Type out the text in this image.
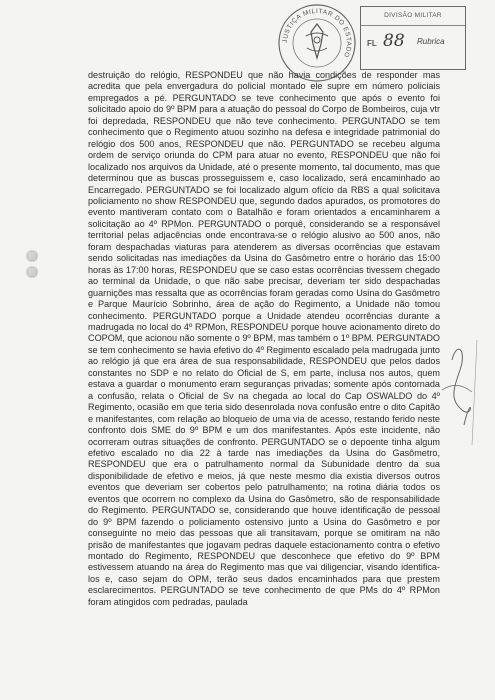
JUSTIÇA MILITAR DO ESTADO
DIVISÃO MILITAR
FL 88 Rubrica
destruição do relógio, RESPONDEU que não havia condições de responder mas acredita que pela envergadura do policial montado ele supre em número policiais empregados a pé. PERGUNTADO se teve conhecimento que após o evento foi solicitado apoio do 9º BPM para a atuação do pessoal do Corpo de Bombeiros, cuja vtr foi depredada, RESPONDEU que não teve conhecimento. PERGUNTADO se tem conhecimento que o Regimento atuou sozinho na defesa e integridade patrimonial do relógio dos 500 anos, RESPONDEU que não. PERGUNTADO se recebeu alguma ordem de serviço oriunda do CPM para atuar no evento, RESPONDEU que não foi localizado nos arquivos da Unidade, até o presente momento, tal documento, mas que determinou que as buscas prosseguissem e, caso localizado, será encaminhado ao Encarregado. PERGUNTADO se foi localizado algum ofício da RBS a qual solicitava policiamento no show RESPONDEU que, segundo dados apurados, os promotores do evento mantiveram contato com o Batalhão e foram orientados a encaminharem a solicitação ao 4º RPMon. PERGUNTADO o porquê, considerando se a responsável territorial pelas adjacências onde encontrava-se o relógio alusivo ao 500 anos, não foram despachadas viaturas para atenderem as diversas ocorrências que estavam sendo solicitadas nas imediações da Usina do Gasômetro entre o horário das 15:00 horas às 17:00 horas, RESPONDEU que se caso estas ocorrências tivessem chegado ao terminal da Unidade, o que não sabe precisar, deveriam ter sido despachadas guarnições mas ressalta que as ocorrências foram geradas como Usina do Gasômetro e Parque Maurício Sobrinho, área de ação do Regimento, a Unidade não tomou conhecimento. PERGUNTADO porque a Unidade atendeu ocorrências durante a madrugada no local do 4º RPMon, RESPONDEU porque houve acionamento direto do COPOM, que acionou não somente o 9º BPM, mas também o 1º BPM. PERGUNTADO se tem conhecimento se havia efetivo do 4º Regimento escalado pela madrugada junto ao relógio já que era área de sua responsabilidade, RESPONDEU que pelos dados constantes no SDP e no relato do Oficial de S, em parte, inclusa nos autos, quem estava a guardar o monumento eram seguranças privadas; somente após contornada a confusão, relata o Oficial de Sv na chegada ao local do Cap OSWALDO do 4º Regimento, ocasião em que teria sido desenrolada nova confusão entre o dito Capitão e manifestantes, com relação ao bloqueio de uma via de acesso, restando ferido neste confronto dois SME do 9º BPM e um dos manifestantes. Após este incidente, não ocorreram outras situações de confronto. PERGUNTADO se o depoente tinha algum efetivo escalado no dia 22 à tarde nas imediações da Usina do Gasômetro, RESPONDEU que era o patrulhamento normal da Subunidade dentro da sua disponibilidade de efetivo e meios, já que neste mesmo dia existia diversos outros eventos que deveriam ser cobertos pelo patrulhamento; na rotina diária todos os eventos que ocorrem no complexo da Usina do Gasômetro, são de responsabilidade do Regimento. PERGUNTADO se, considerando que houve identificação de pessoal do 9º BPM fazendo o policiamento ostensivo junto a Usina do Gasômetro e por conseguinte no meio das pessoas que ali transitavam, porque se omitiram na não prisão de manifestantes que jogavam pedras daquele estacionamento contra o efetivo montado do Regimento, RESPONDEU que desconhece que efetivo do 9º BPM estivessem atuando na área do Regimento mas que vai diligenciar, visando identifica-los e, caso sejam do OPM, terão seus dados encaminhados para que prestem esclarecimentos. PERGUNTADO se teve conhecimento de que PMs do 4º RPMon foram atingidos com pedradas, paulada
